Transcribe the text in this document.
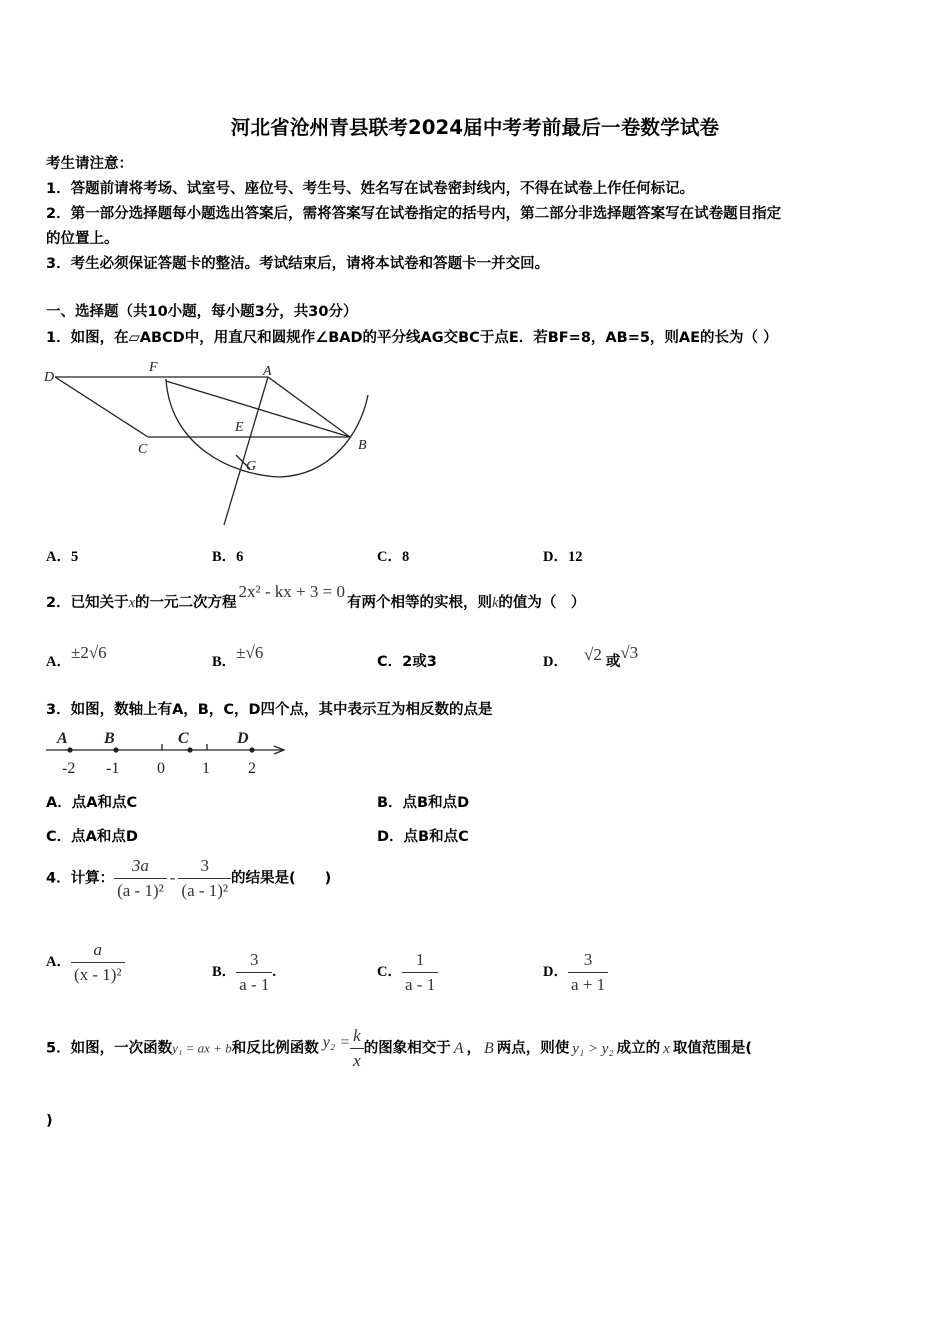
河北省沧州青县联考2024届中考考前最后一卷数学试卷
考生请注意：
1．答题前请将考场、试室号、座位号、考生号、姓名写在试卷密封线内，不得在试卷上作任何标记。
2．第一部分选择题每小题选出答案后，需将答案写在试卷指定的括号内，第二部分非选择题答案写在试卷题目指定
的位置上。
3．考生必须保证答题卡的整洁。考试结束后，请将本试卷和答题卡一并交回。
一、选择题（共10小题，每小题3分，共30分）
1．如图，在▱ABCD中，用直尺和圆规作∠BAD的平分线AG交BC于点E．若BF=8，AB=5，则AE的长为（ ）
D
F	A
E
C	B
G
A．5	B．6	C．8	D．12
2．已知关于x的一元二次方程2x² - kx + 3 = 0有两个相等的实根，则k的值为（　）
A．±2√6	B．±√6	C．2或3	D． √2 或√3
3．如图，数轴上有A，B，C，D四个点，其中表示互为相反数的点是
A B	C	D
-2 -1 0 1 2
A．点A和点C	B．点B和点D
C．点A和点D	D．点B和点C
4．计算： $\frac{3a}{\text{(a - 1)²}} - \frac{3}{\text{(a - 1)²}}$ 的结果是(　　)
A． $\frac{a}{\text{(x - 1)²}}$	B． $\frac{3}{a - 1}$ .	C． $\frac{1}{a - 1}$	D． $\frac{3}{a + 1}$
5．如图，一次函数y₁ = ax + b和反比例函数 $y_2 = \frac{k}{x}$ 的图象相交于 A ， B 两点，则使 y₁ > y₂ 成立的 x 取值范围是(
)
